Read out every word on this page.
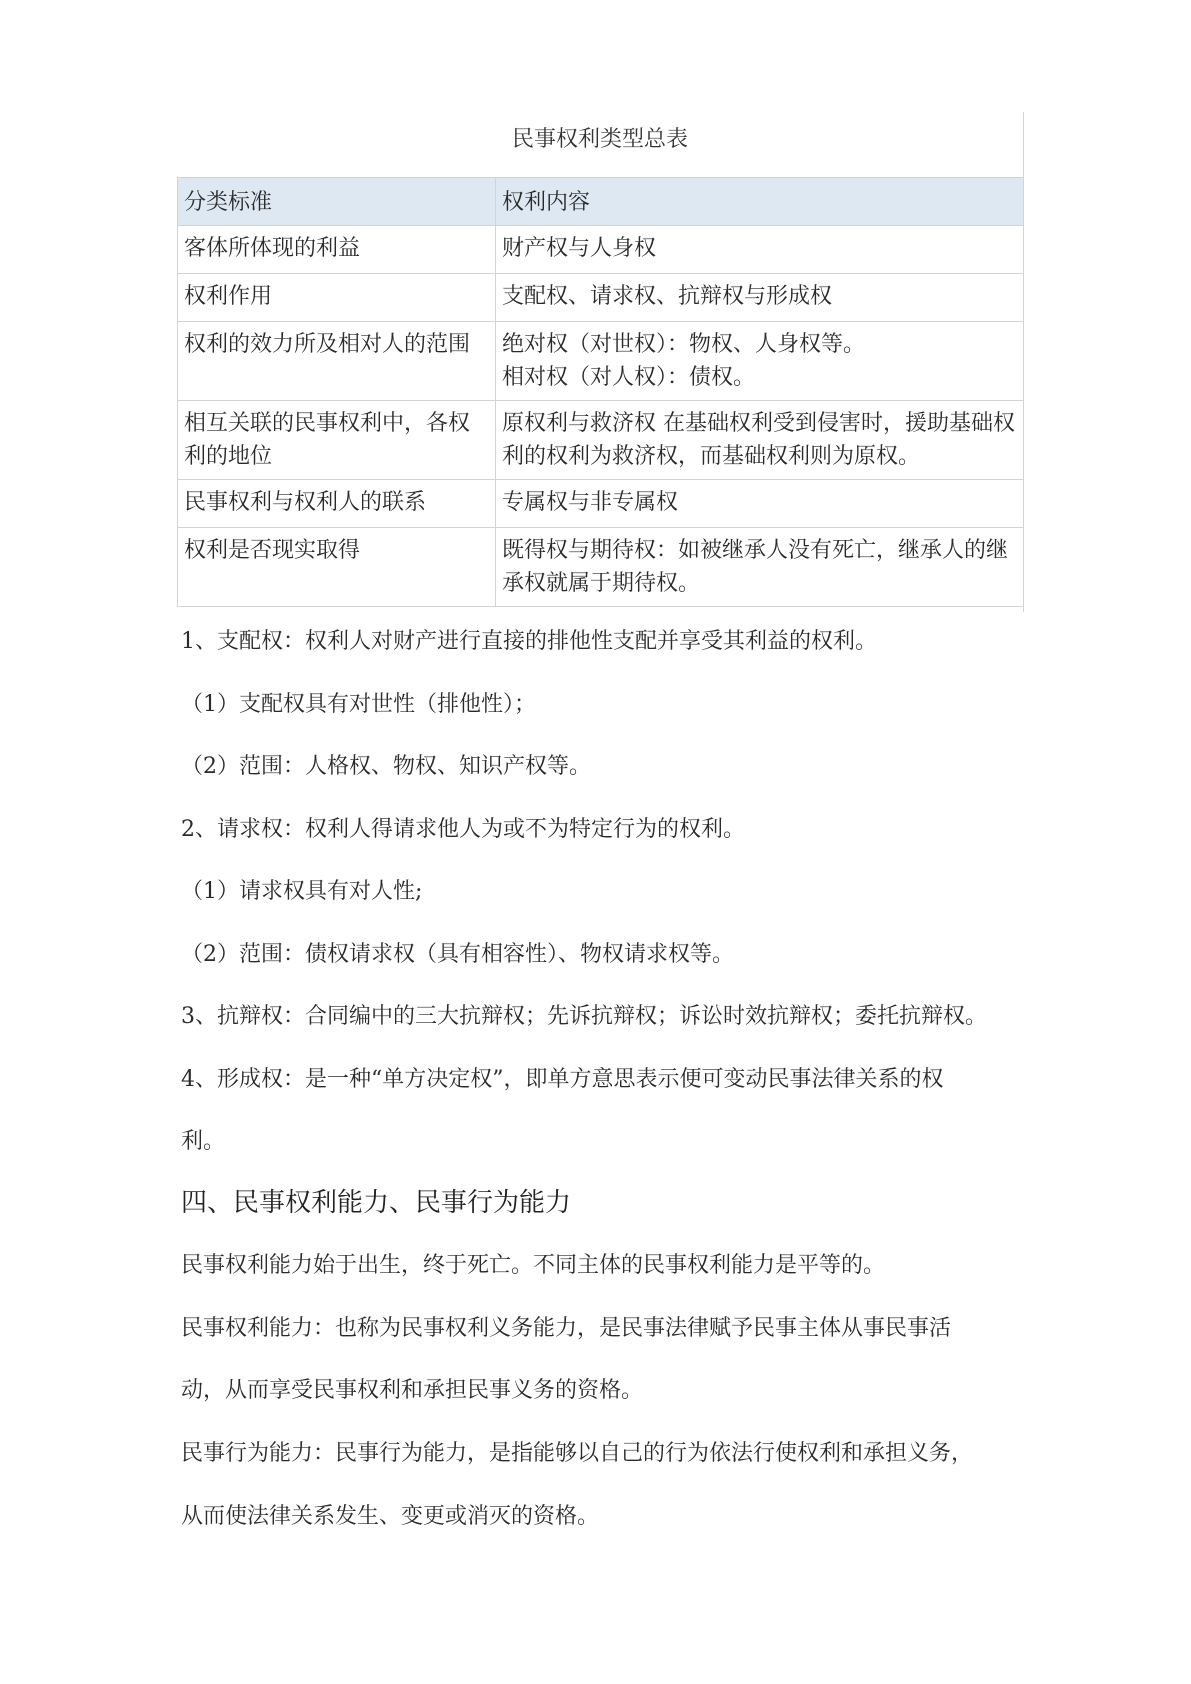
民事权利类型总表
分类标准	权利内容
客体所体现的利益	财产权与人身权
权利作用	支配权、请求权、抗辩权与形成权
权利的效力所及相对人的范围	绝对权（对世权）：物权、人身权等。
相对权（对人权）：债权。
相互关联的民事权利中，各权利的地位	原权利与救济权 在基础权利受到侵害时，援助基础权利的权利为救济权，而基础权利则为原权。
民事权利与权利人的联系	专属权与非专属权
权利是否现实取得	既得权与期待权：如被继承人没有死亡，继承人的继承权就属于期待权。
1、支配权：权利人对财产进行直接的排他性支配并享受其利益的权利。
（1）支配权具有对世性（排他性）；
（2）范围：人格权、物权、知识产权等。
2、请求权：权利人得请求他人为或不为特定行为的权利。
（1）请求权具有对人性;
（2）范围：债权请求权（具有相容性）、物权请求权等。
3、抗辩权：合同编中的三大抗辩权；先诉抗辩权；诉讼时效抗辩权；委托抗辩权。
4、形成权：是一种“单方决定权”，即单方意思表示便可变动民事法律关系的权
利。
四、民事权利能力、民事行为能力
民事权利能力始于出生，终于死亡。不同主体的民事权利能力是平等的。
民事权利能力：也称为民事权利义务能力，是民事法律赋予民事主体从事民事活
动，从而享受民事权利和承担民事义务的资格。
民事行为能力：民事行为能力，是指能够以自己的行为依法行使权利和承担义务，
从而使法律关系发生、变更或消灭的资格。
